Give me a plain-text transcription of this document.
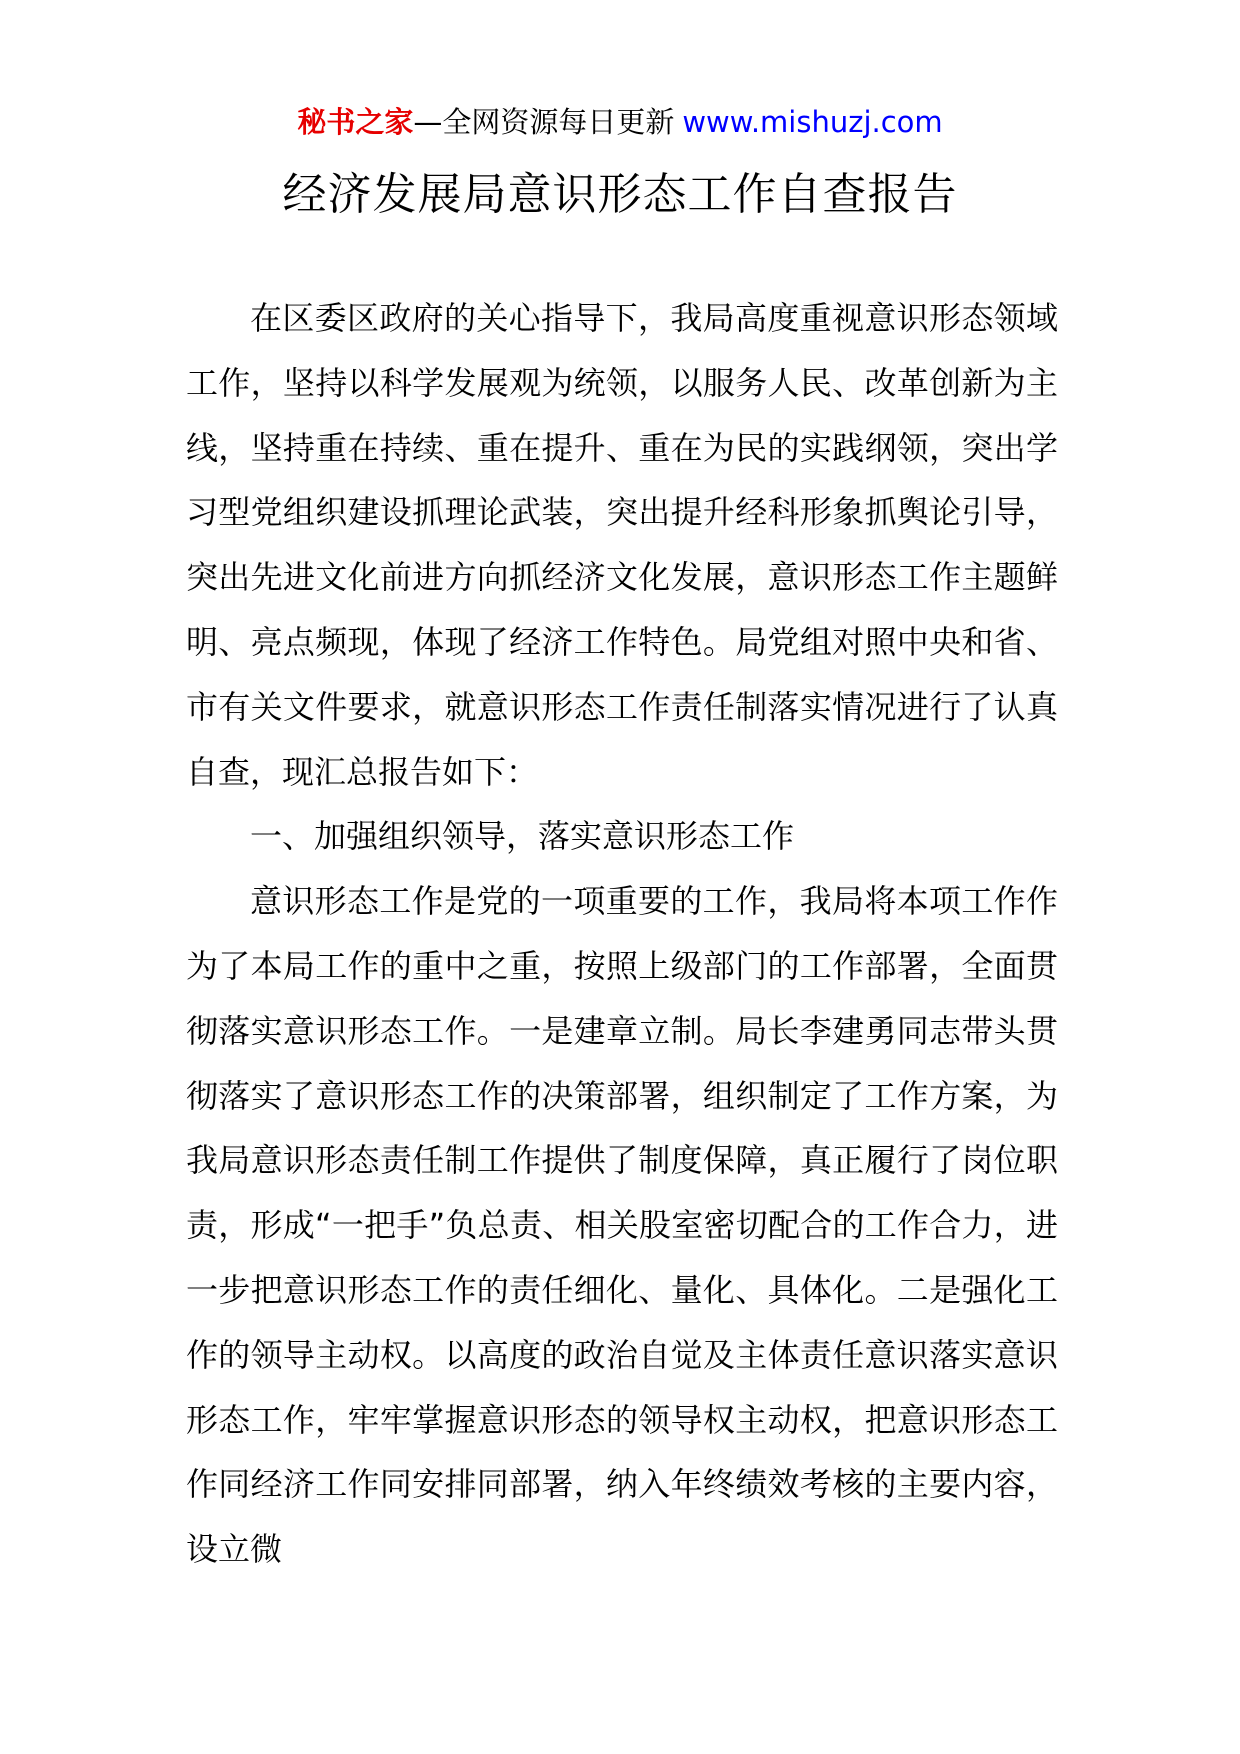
秘书之家—全网资源每日更新 www.mishuzj.com
经济发展局意识形态工作自查报告

在区委区政府的关心指导下，我局高度重视意识形态领域工作，坚持以科学发展观为统领，以服务人民、改革创新为主线，坚持重在持续、重在提升、重在为民的实践纲领，突出学习型党组织建设抓理论武装，突出提升经科形象抓舆论引导，突出先进文化前进方向抓经济文化发展，意识形态工作主题鲜明、亮点频现，体现了经济工作特色。局党组对照中央和省、市有关文件要求，就意识形态工作责任制落实情况进行了认真自查，现汇总报告如下：

一、加强组织领导，落实意识形态工作

意识形态工作是党的一项重要的工作，我局将本项工作作为了本局工作的重中之重，按照上级部门的工作部署，全面贯彻落实意识形态工作。一是建章立制。局长李建勇同志带头贯彻落实了意识形态工作的决策部署，组织制定了工作方案，为我局意识形态责任制工作提供了制度保障，真正履行了岗位职责，形成“一把手”负总责、相关股室密切配合的工作合力，进一步把意识形态工作的责任细化、量化、具体化。二是强化工作的领导主动权。以高度的政治自觉及主体责任意识落实意识形态工作，牢牢掌握意识形态的领导权主动权，把意识形态工作同经济工作同安排同部署，纳入年终绩效考核的主要内容，设立微
